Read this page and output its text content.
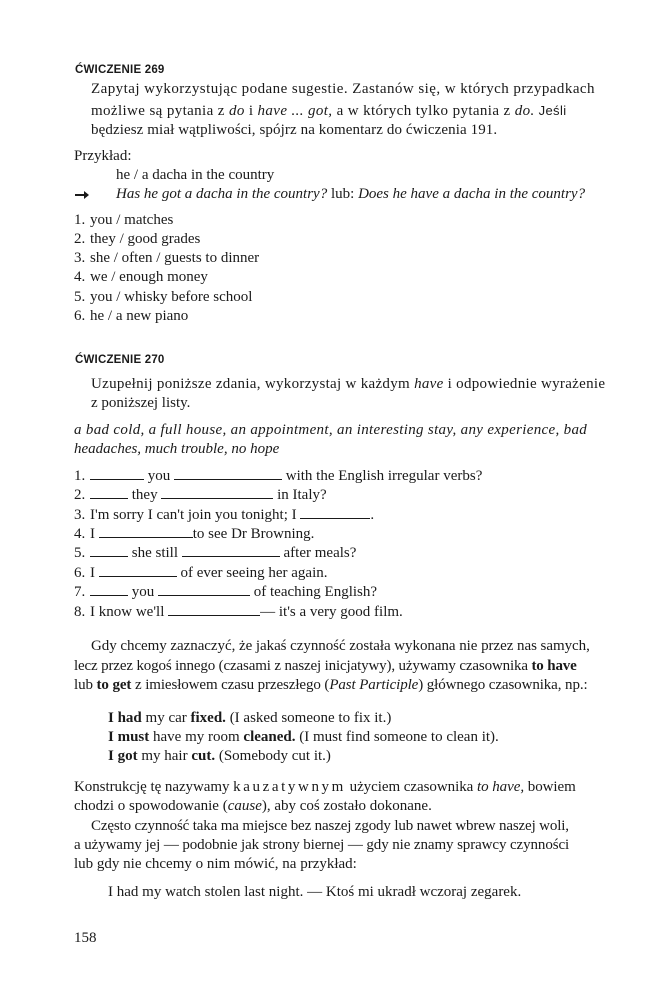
ĆWICZENIE 269
Zapytaj wykorzystując podane sugestie. Zastanów się, w których przypadkach
możliwe są pytania z do i have ... got, a w których tylko pytania z do. Jeśli
będziesz miał wątpliwości, spójrz na komentarz do ćwiczenia 191.
Przykład:
he / a dacha in the country
Has he got a dacha in the country? lub: Does he have a dacha in the country?
1. you / matches
2. they / good grades
3. she / often / guests to dinner
4. we / enough money
5. you / whisky before school
6. he / a new piano
ĆWICZENIE 270
Uzupełnij poniższe zdania, wykorzystaj w każdym have i odpowiednie wyrażenie
z poniższej listy.
a bad cold, a full house, an appointment, an interesting stay, any experience, bad
headaches, much trouble, no hope
1.	you	with the English irregular verbs?
2.	they	in Italy?
3. I'm sorry I can't join you tonight; I	.
4. I	to see Dr Browning.
5.	she still	after meals?
6. I	of ever seeing her again.
7.	you	of teaching English?
8. I know we'll	— it's a very good film.
Gdy chcemy zaznaczyć, że jakaś czynność została wykonana nie przez nas samych,
lecz przez kogoś innego (czasami z naszej inicjatywy), używamy czasownika to have
lub to get z imiesłowem czasu przeszłego (Past Participle) głównego czasownika, np.:
I had my car fixed. (I asked someone to fix it.)
I must have my room cleaned. (I must find someone to clean it).
I got my hair cut. (Somebody cut it.)
Konstrukcję tę nazywamy kauzatywnym użyciem czasownika to have, bowiem
chodzi o spowodowanie (cause), aby coś zostało dokonane.
Często czynność taka ma miejsce bez naszej zgody lub nawet wbrew naszej woli,
a używamy jej — podobnie jak strony biernej — gdy nie znamy sprawcy czynności
lub gdy nie chcemy o nim mówić, na przykład:
I had my watch stolen last night. — Ktoś mi ukradł wczoraj zegarek.
158
